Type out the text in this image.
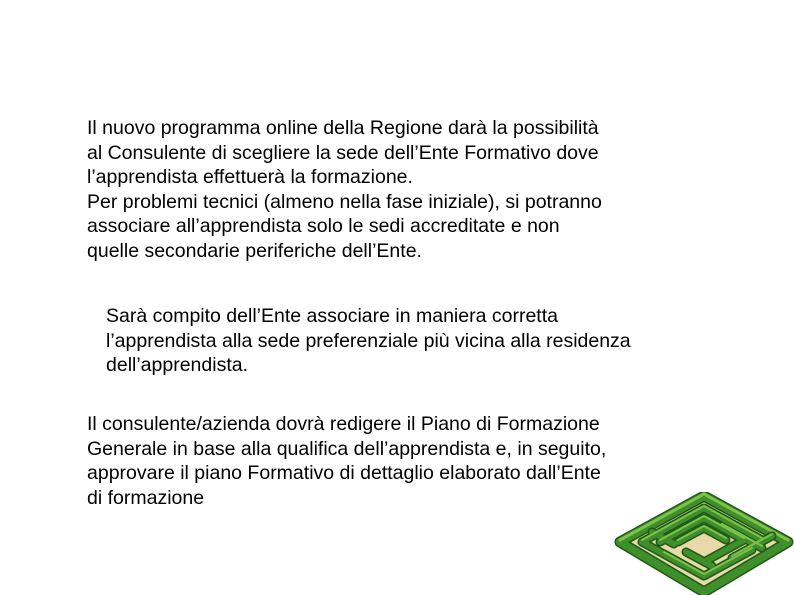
Il nuovo programma online della Regione darà la possibilità
al Consulente di scegliere la sede dell’Ente Formativo dove
l’apprendista effettuerà la formazione.
Per problemi tecnici (almeno nella fase iniziale), si potranno
associare all’apprendista solo le sedi accreditate e non
quelle secondarie periferiche dell’Ente.
Sarà compito dell’Ente associare in maniera corretta
l’apprendista alla sede preferenziale più vicina alla residenza
dell’apprendista.
Il consulente/azienda dovrà redigere il Piano di Formazione
Generale in base alla qualifica dell’apprendista e, in seguito,
approvare il piano Formativo di dettaglio elaborato dall’Ente
di formazione
